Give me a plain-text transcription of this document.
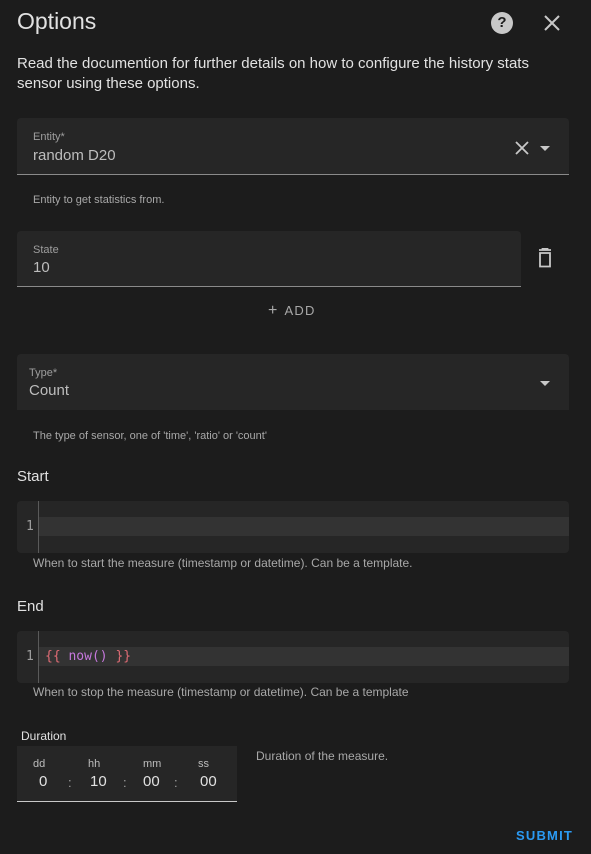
Options	?
Read the documention for further details on how to configure the history stats sensor using these options.
Entity*
random D20
Entity to get statistics from.
State
10
+ ADD
Type*
Count
The type of sensor, one of 'time', 'ratio' or 'count'
Start
1
When to start the measure (timestamp or datetime). Can be a template.
End
1 {{ now() }}
When to stop the measure (timestamp or datetime). Can be a template
Duration
dd
0 :
hh
10 :
mm
00 :
ss
00
Duration of the measure.
SUBMIT
